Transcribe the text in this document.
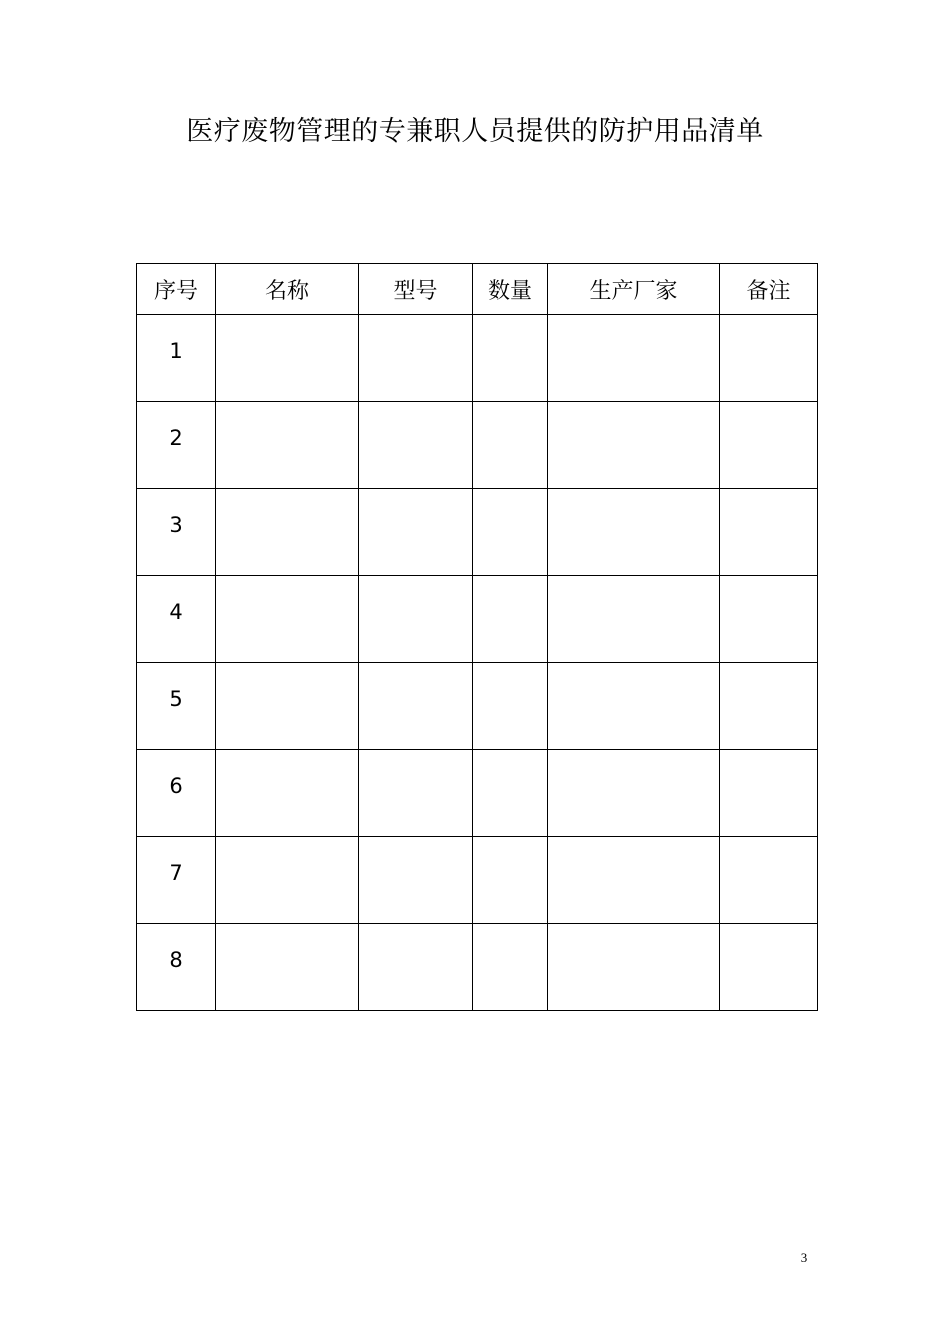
医疗废物管理的专兼职人员提供的防护用品清单
序号	名称	型号	数量	生产厂家	备注
1					
2					
3					
4					
5					
6					
7					
8					
3
